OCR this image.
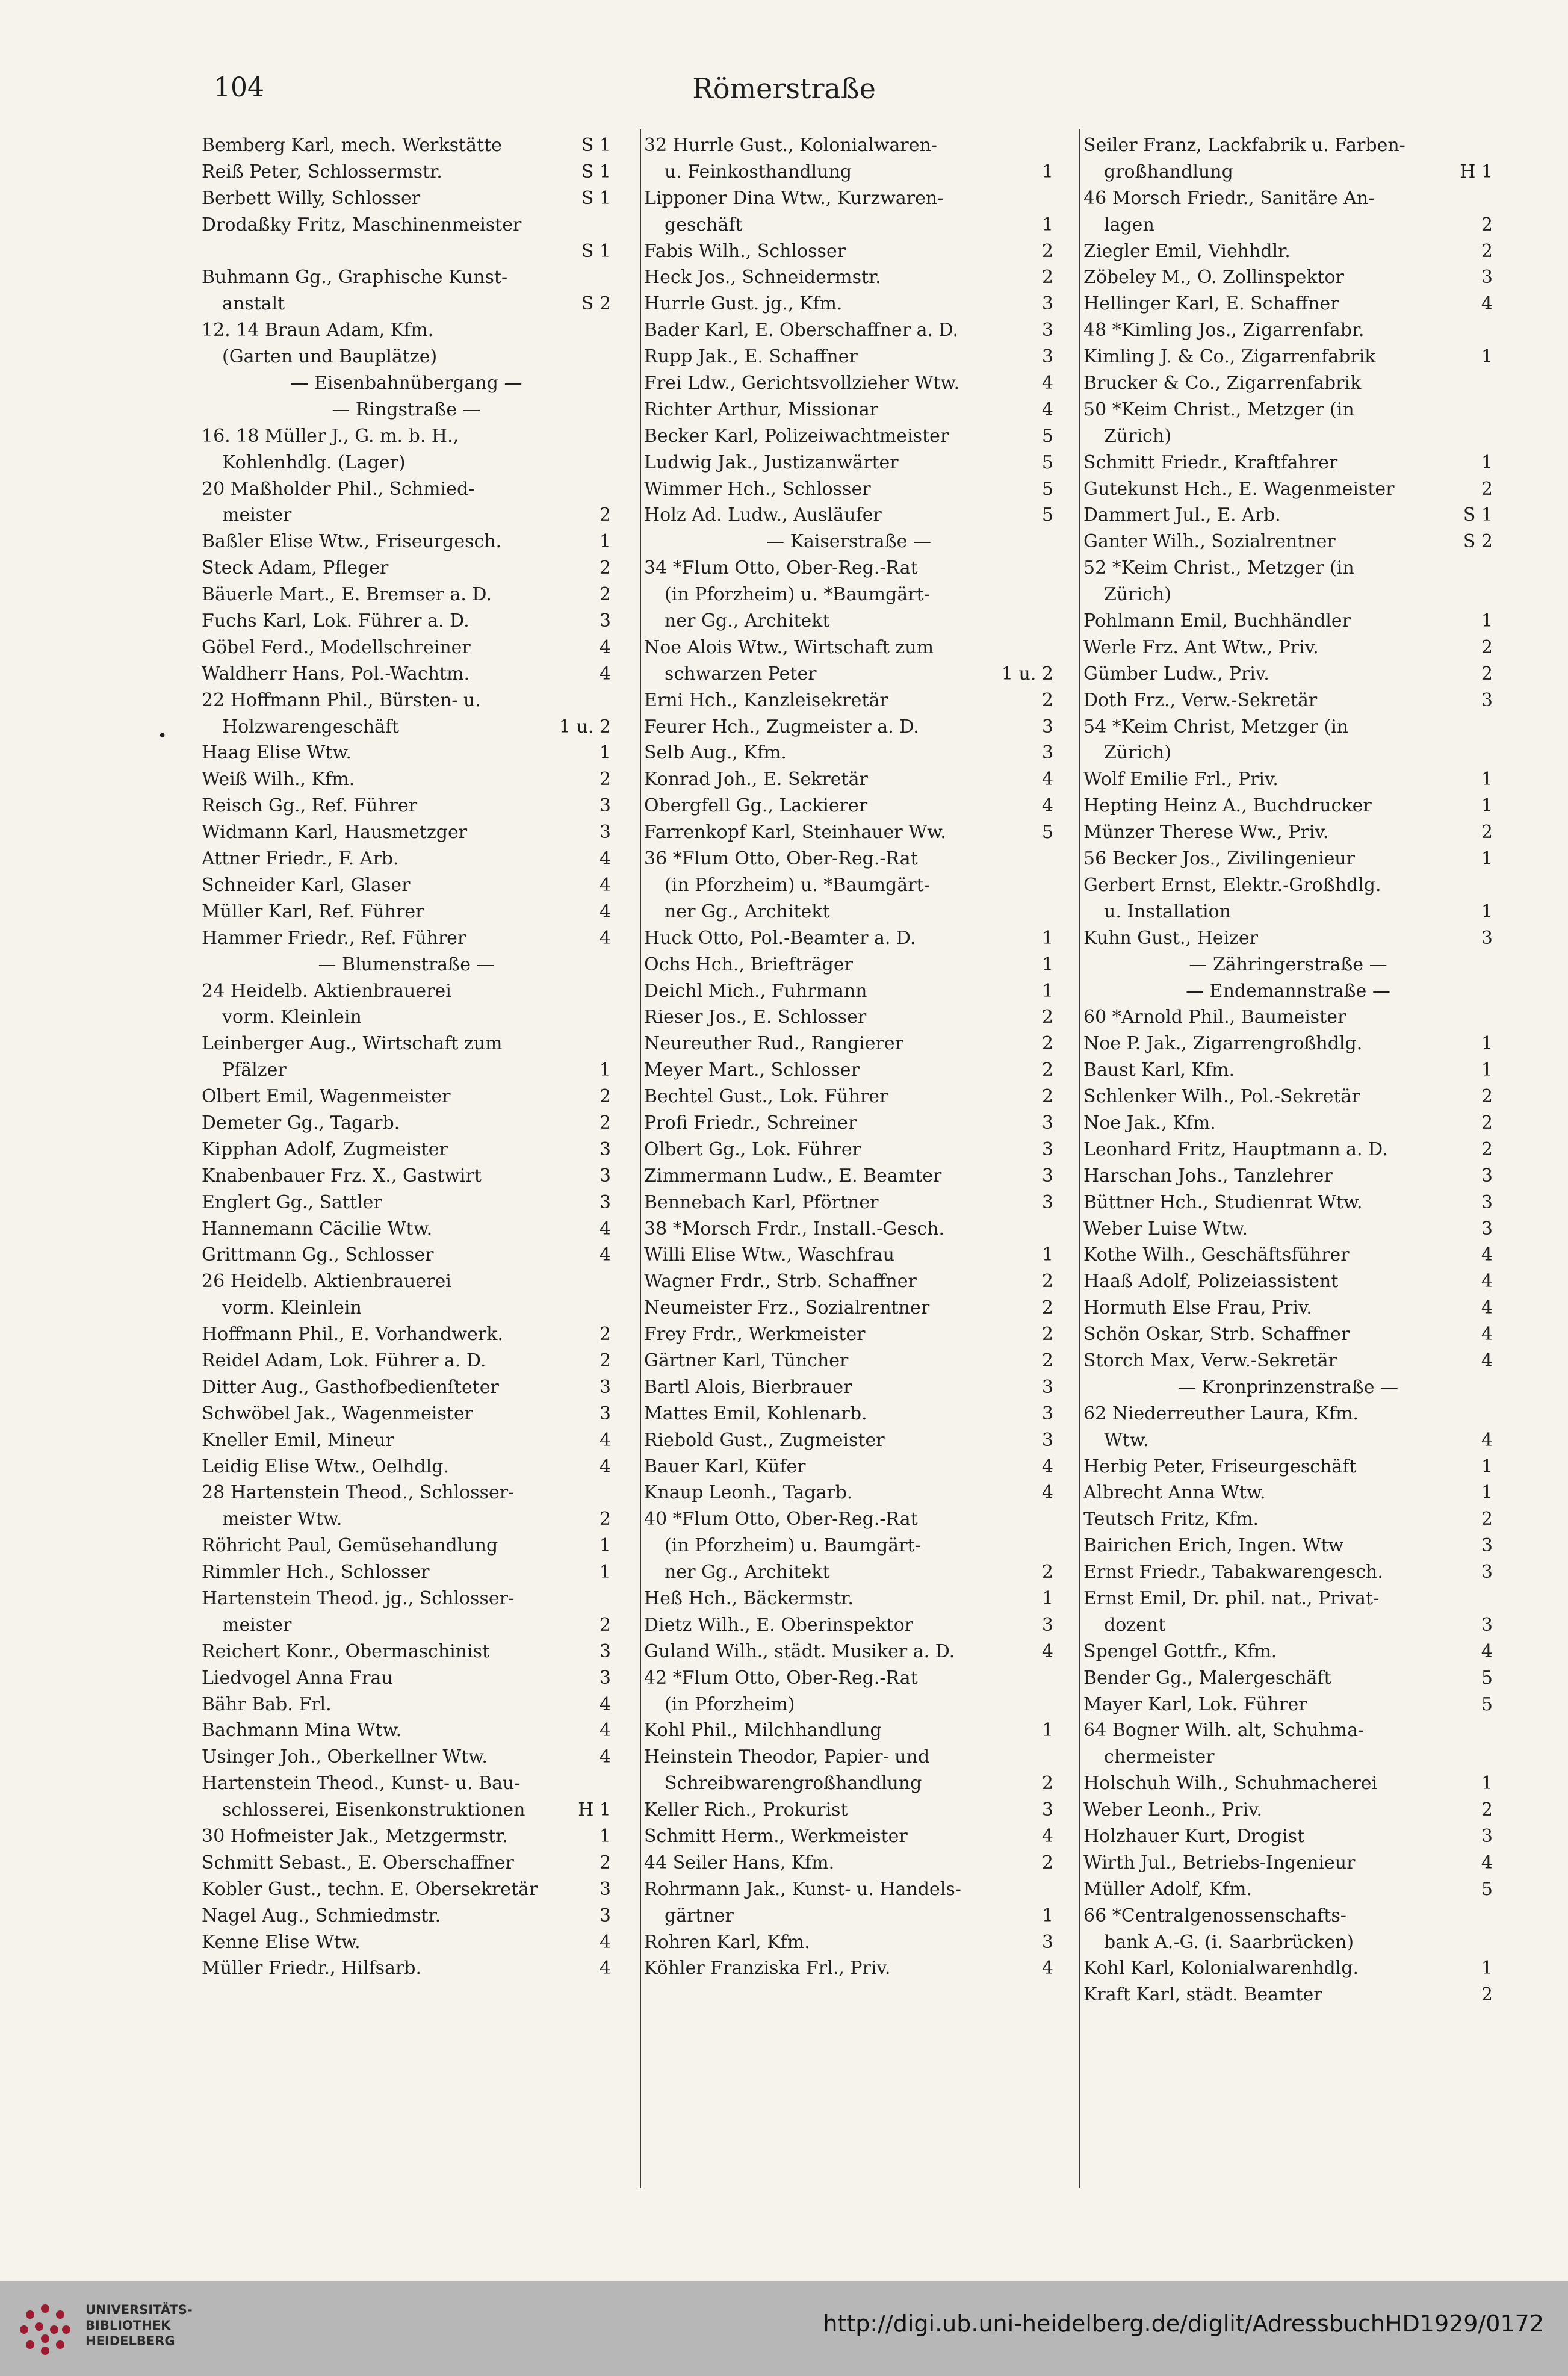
104	Römerstraße
Bemberg Karl, mech. Werkstätte	S 1
Reiß Peter, Schlossermstr.	S 1
Berbett Willy, Schlosser	S 1
Drodaßky Fritz, Maschinenmeister
S 1
Buhmann Gg., Graphische Kunst-
anstalt	S 2
12. 14 Braun Adam, Kfm.
(Garten und Bauplätze)
— Eisenbahnübergang —
— Ringstraße —
16. 18 Müller J., G. m. b. H.,
Kohlenhdlg. (Lager)
20 Maßholder Phil., Schmied-
meister	2
Baßler Elise Wtw., Friseurgesch.	1
Steck Adam, Pfleger	2
Bäuerle Mart., E. Bremser a. D.	2
Fuchs Karl, Lok. Führer a. D.	3
Göbel Ferd., Modellschreiner	4
Waldherr Hans, Pol.-Wachtm.	4
22 Hoffmann Phil., Bürsten- u.
Holzwarengeschäft	1 u. 2
Haag Elise Wtw.	1
Weiß Wilh., Kfm.	2
Reisch Gg., Ref. Führer	3
Widmann Karl, Hausmetzger	3
Attner Friedr., F. Arb.	4
Schneider Karl, Glaser	4
Müller Karl, Ref. Führer	4
Hammer Friedr., Ref. Führer	4
— Blumenstraße —
24 Heidelb. Aktienbrauerei
vorm. Kleinlein
Leinberger Aug., Wirtschaft zum
Pfälzer	1
Olbert Emil, Wagenmeister	2
Demeter Gg., Tagarb.	2
Kipphan Adolf, Zugmeister	3
Knabenbauer Frz. X., Gastwirt	3
Englert Gg., Sattler	3
Hannemann Cäcilie Wtw.	4
Grittmann Gg., Schlosser	4
26 Heidelb. Aktienbrauerei
vorm. Kleinlein
Hoffmann Phil., E. Vorhandwerk.	2
Reidel Adam, Lok. Führer a. D.	2
Ditter Aug., Gasthofbedienſteter	3
Schwöbel Jak., Wagenmeister	3
Kneller Emil, Mineur	4
Leidig Elise Wtw., Oelhdlg.	4
28 Hartenstein Theod., Schlosser-
meister Wtw.	2
Röhricht Paul, Gemüsehandlung	1
Rimmler Hch., Schlosser	1
Hartenstein Theod. jg., Schlosser-
meister	2
Reichert Konr., Obermaschinist	3
Liedvogel Anna Frau	3
Bähr Bab. Frl.	4
Bachmann Mina Wtw.	4
Usinger Joh., Oberkellner Wtw.	4
Hartenstein Theod., Kunst- u. Bau-
schlosserei, Eisenkonstruktionen	H 1
30 Hofmeister Jak., Metzgermstr.	1
Schmitt Sebast., E. Oberschaffner	2
Kobler Gust., techn. E. Obersekretär	3
Nagel Aug., Schmiedmstr.	3
Kenne Elise Wtw.	4
Müller Friedr., Hilfsarb.	4
32 Hurrle Gust., Kolonialwaren-
u. Feinkosthandlung	1
Lipponer Dina Wtw., Kurzwaren-
geschäft	1
Fabis Wilh., Schlosser	2
Heck Jos., Schneidermstr.	2
Hurrle Gust. jg., Kfm.	3
Bader Karl, E. Oberschaffner a. D.	3
Rupp Jak., E. Schaffner	3
Frei Ldw., Gerichtsvollzieher Wtw.	4
Richter Arthur, Missionar	4
Becker Karl, Polizeiwachtmeister	5
Ludwig Jak., Justizanwärter	5
Wimmer Hch., Schlosser	5
Holz Ad. Ludw., Ausläufer	5
— Kaiserstraße —
34 *Flum Otto, Ober-Reg.-Rat
(in Pforzheim) u. *Baumgärt-
ner Gg., Architekt
Noe Alois Wtw., Wirtschaft zum
schwarzen Peter	1 u. 2
Erni Hch., Kanzleisekretär	2
Feurer Hch., Zugmeister a. D.	3
Selb Aug., Kfm.	3
Konrad Joh., E. Sekretär	4
Obergfell Gg., Lackierer	4
Farrenkopf Karl, Steinhauer Ww.	5
36 *Flum Otto, Ober-Reg.-Rat
(in Pforzheim) u. *Baumgärt-
ner Gg., Architekt
Huck Otto, Pol.-Beamter a. D.	1
Ochs Hch., Briefträger	1
Deichl Mich., Fuhrmann	1
Rieser Jos., E. Schlosser	2
Neureuther Rud., Rangierer	2
Meyer Mart., Schlosser	2
Bechtel Gust., Lok. Führer	2
Profi Friedr., Schreiner	3
Olbert Gg., Lok. Führer	3
Zimmermann Ludw., E. Beamter	3
Bennebach Karl, Pförtner	3
38 *Morsch Frdr., Install.-Gesch.
Willi Elise Wtw., Waschfrau	1
Wagner Frdr., Strb. Schaffner	2
Neumeister Frz., Sozialrentner	2
Frey Frdr., Werkmeister	2
Gärtner Karl, Tüncher	2
Bartl Alois, Bierbrauer	3
Mattes Emil, Kohlenarb.	3
Riebold Gust., Zugmeister	3
Bauer Karl, Küfer	4
Knaup Leonh., Tagarb.	4
40 *Flum Otto, Ober-Reg.-Rat
(in Pforzheim) u. Baumgärt-
ner Gg., Architekt	2
Heß Hch., Bäckermstr.	1
Dietz Wilh., E. Oberinspektor	3
Guland Wilh., städt. Musiker a. D.	4
42 *Flum Otto, Ober-Reg.-Rat
(in Pforzheim)
Kohl Phil., Milchhandlung	1
Heinstein Theodor, Papier- und
Schreibwarengroßhandlung	2
Keller Rich., Prokurist	3
Schmitt Herm., Werkmeister	4
44 Seiler Hans, Kfm.	2
Rohrmann Jak., Kunst- u. Handels-
gärtner	1
Rohren Karl, Kfm.	3
Köhler Franziska Frl., Priv.	4
Seiler Franz, Lackfabrik u. Farben-
großhandlung	H 1
46 Morsch Friedr., Sanitäre An-
lagen	2
Ziegler Emil, Viehhdlr.	2
Zöbeley M., O. Zollinspektor	3
Hellinger Karl, E. Schaffner	4
48 *Kimling Jos., Zigarrenfabr.
Kimling J. & Co., Zigarrenfabrik	1
Brucker & Co., Zigarrenfabrik
50 *Keim Christ., Metzger (in
Zürich)
Schmitt Friedr., Kraftfahrer	1
Gutekunst Hch., E. Wagenmeister	2
Dammert Jul., E. Arb.	S 1
Ganter Wilh., Sozialrentner	S 2
52 *Keim Christ., Metzger (in
Zürich)
Pohlmann Emil, Buchhändler	1
Werle Frz. Ant Wtw., Priv.	2
Gümber Ludw., Priv.	2
Doth Frz., Verw.-Sekretär	3
54 *Keim Christ, Metzger (in
Zürich)
Wolf Emilie Frl., Priv.	1
Hepting Heinz A., Buchdrucker	1
Münzer Therese Ww., Priv.	2
56 Becker Jos., Zivilingenieur	1
Gerbert Ernst, Elektr.-Großhdlg.
u. Installation	1
Kuhn Gust., Heizer	3
— Zähringerstraße —
— Endemannstraße —
60 *Arnold Phil., Baumeister
Noe P. Jak., Zigarrengroßhdlg.	1
Baust Karl, Kfm.	1
Schlenker Wilh., Pol.-Sekretär	2
Noe Jak., Kfm.	2
Leonhard Fritz, Hauptmann a. D.	2
Harschan Johs., Tanzlehrer	3
Büttner Hch., Studienrat Wtw.	3
Weber Luise Wtw.	3
Kothe Wilh., Geschäftsführer	4
Haaß Adolf, Polizeiassistent	4
Hormuth Else Frau, Priv.	4
Schön Oskar, Strb. Schaffner	4
Storch Max, Verw.-Sekretär	4
— Kronprinzenstraße —
62 Niederreuther Laura, Kfm.
Wtw.	4
Herbig Peter, Friseurgeschäft	1
Albrecht Anna Wtw.	1
Teutsch Fritz, Kfm.	2
Bairichen Erich, Ingen. Wtw	3
Ernst Friedr., Tabakwarengesch.	3
Ernst Emil, Dr. phil. nat., Privat-
dozent	3
Spengel Gottfr., Kfm.	4
Bender Gg., Malergeschäft	5
Mayer Karl, Lok. Führer	5
64 Bogner Wilh. alt, Schuhma-
chermeister
Holschuh Wilh., Schuhmacherei	1
Weber Leonh., Priv.	2
Holzhauer Kurt, Drogist	3
Wirth Jul., Betriebs-Ingenieur	4
Müller Adolf, Kfm.	5
66 *Centralgenossenschafts-
bank A.-G. (i. Saarbrücken)
Kohl Karl, Kolonialwarenhdlg.	1
Kraft Karl, städt. Beamter	2
•
UNIVERSITÄTS-
BIBLIOTHEK
HEIDELBERG
http://digi.ub.uni-heidelberg.de/diglit/AdressbuchHD1929/0172
